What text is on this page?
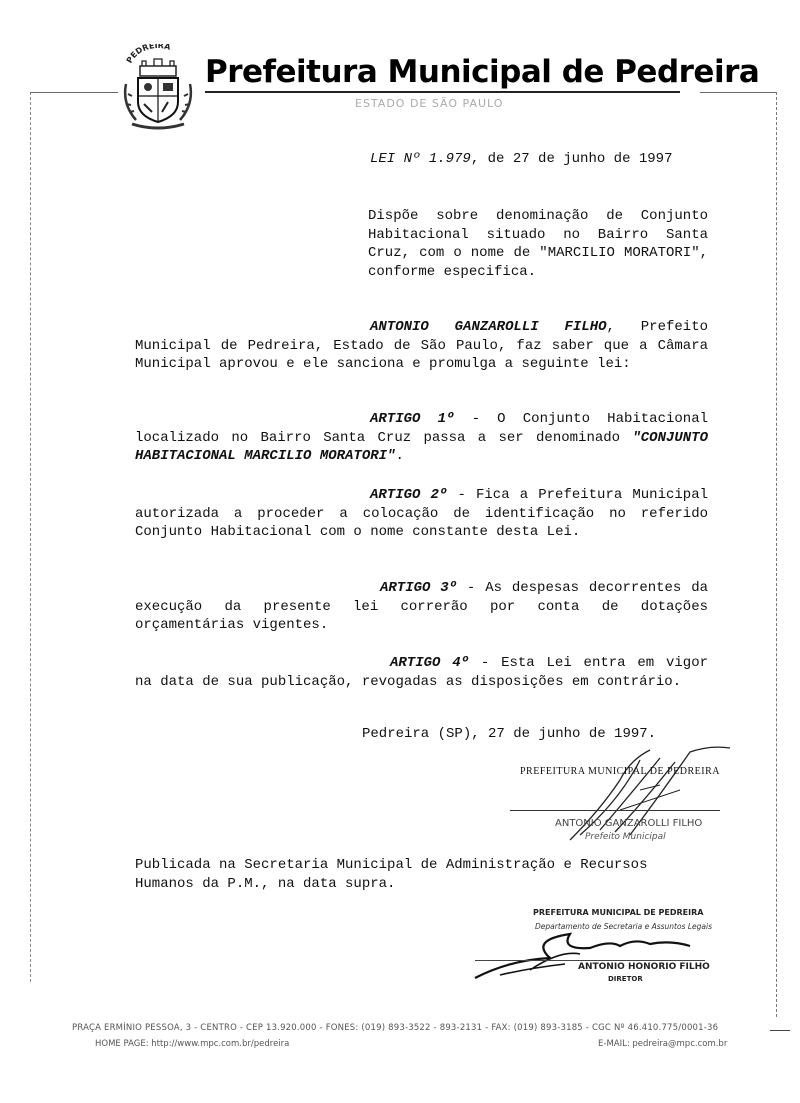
PEDREIRA
Prefeitura Municipal de Pedreira
ESTADO DE SÃO PAULO
LEI Nº 1.979, de 27 de junho de 1997
Dispõe sobre denominação de Conjunto Habitacional situado no Bairro Santa Cruz, com o nome de "MARCILIO MORATORI", conforme especifica.
ANTONIO GANZAROLLI FILHO, Prefeito Municipal de Pedreira, Estado de São Paulo, faz saber que a Câmara Municipal aprovou e ele sanciona e promulga a seguinte lei:
ARTIGO 1º - O Conjunto Habitacional localizado no Bairro Santa Cruz passa a ser denominado "CONJUNTO HABITACIONAL MARCILIO MORATORI".
ARTIGO 2º - Fica a Prefeitura Municipal autorizada a proceder a colocação de identificação no referido Conjunto Habitacional com o nome constante desta Lei.
ARTIGO 3º - As despesas decorrentes da execução da presente lei correrão por conta de dotações orçamentárias vigentes.
ARTIGO 4º - Esta Lei entra em vigor na data de sua publicação, revogadas as disposições em contrário.
Pedreira (SP), 27 de junho de 1997.
PREFEITURA MUNICIPAL DE PEDREIRA
ANTONIO GANZAROLLI FILHO
Prefeito Municipal
Publicada na Secretaria Municipal de Administração e Recursos Humanos da P.M., na data supra.
PREFEITURA MUNICIPAL DE PEDREIRA
Departamento de Secretaria e Assuntos Legais
ANTONIO HONORIO FILHO
DIRETOR
PRAÇA ERMÍNIO PESSOA, 3 - CENTRO - CEP 13.920.000 - FONES: (019) 893-3522 - 893-2131 - FAX: (019) 893-3185 - CGC Nº 46.410.775/0001-36
HOME PAGE: http://www.mpc.com.br/pedreira	E-MAIL: pedreira@mpc.com.br
